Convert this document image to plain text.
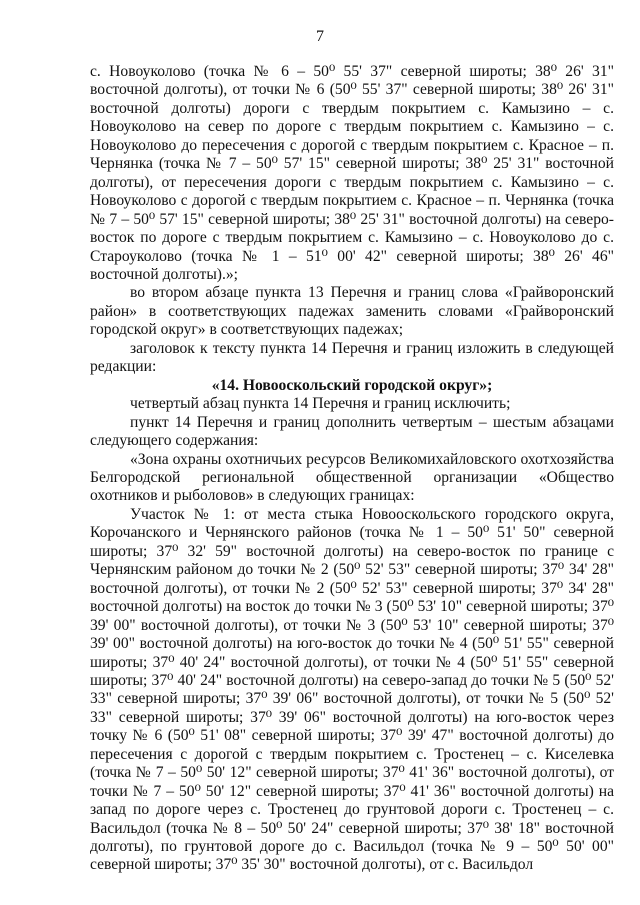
7

с. Новоуколово (точка № 6 – 50⁰ 55' 37" северной широты; 38⁰ 26' 31" восточной долготы), от точки № 6 (50⁰ 55' 37" северной широты; 38⁰ 26' 31" восточной долготы) дороги с твердым покрытием с. Камызино – с. Новоуколово на север по дороге с твердым покрытием с. Камызино – с. Новоуколово до пересечения с дорогой с твердым покрытием с. Красное – п. Чернянка (точка № 7 – 50⁰ 57' 15" северной широты; 38⁰ 25' 31" восточной долготы), от пересечения дороги с твердым покрытием с. Камызино – с. Новоуколово с дорогой с твердым покрытием с. Красное – п. Чернянка (точка № 7 – 50⁰ 57' 15" северной широты; 38⁰ 25' 31" восточной долготы) на северо-восток по дороге с твердым покрытием с. Камызино – с. Новоуколово до с. Староуколово (точка № 1 – 51⁰ 00' 42" северной широты; 38⁰ 26' 46" восточной долготы).»;

во втором абзаце пункта 13 Перечня и границ слова «Грайворонский район» в соответствующих падежах заменить словами «Грайворонский городской округ» в соответствующих падежах;

заголовок к тексту пункта 14 Перечня и границ изложить в следующей редакции:

«14. Новооскольский городской округ»;

четвертый абзац пункта 14 Перечня и границ исключить;

пункт 14 Перечня и границ дополнить четвертым – шестым абзацами следующего содержания:

«Зона охраны охотничьих ресурсов Великомихайловского охотхозяйства Белгородской региональной общественной организации «Общество охотников и рыболовов» в следующих границах:

Участок № 1: от места стыка Новооскольского городского округа, Корочанского и Чернянского районов (точка № 1 – 50⁰ 51' 50" северной широты; 37⁰ 32' 59" восточной долготы) на северо-восток по границе с Чернянским районом до точки № 2 (50⁰ 52' 53" северной широты; 37⁰ 34' 28" восточной долготы), от точки № 2 (50⁰ 52' 53" северной широты; 37⁰ 34' 28" восточной долготы) на восток до точки № 3 (50⁰ 53' 10" северной широты; 37⁰ 39' 00" восточной долготы), от точки № 3 (50⁰ 53' 10" северной широты; 37⁰ 39' 00" восточной долготы) на юго-восток до точки № 4 (50⁰ 51' 55" северной широты; 37⁰ 40' 24" восточной долготы), от точки № 4 (50⁰ 51' 55" северной широты; 37⁰ 40' 24" восточной долготы) на северо-запад до точки № 5 (50⁰ 52' 33" северной широты; 37⁰ 39' 06" восточной долготы), от точки № 5 (50⁰ 52' 33" северной широты; 37⁰ 39' 06" восточной долготы) на юго-восток через точку № 6 (50⁰ 51' 08" северной широты; 37⁰ 39' 47" восточной долготы) до пересечения с дорогой с твердым покрытием с. Тростенец – с. Киселевка (точка № 7 – 50⁰ 50' 12" северной широты; 37⁰ 41' 36" восточной долготы), от точки № 7 – 50⁰ 50' 12" северной широты; 37⁰ 41' 36" восточной долготы) на запад по дороге через с. Тростенец до грунтовой дороги с. Тростенец – с. Васильдол (точка № 8 – 50⁰ 50' 24" северной широты; 37⁰ 38' 18" восточной долготы), по грунтовой дороге до с. Васильдол (точка № 9 – 50⁰ 50' 00" северной широты; 37⁰ 35' 30" восточной долготы), от с. Васильдол
